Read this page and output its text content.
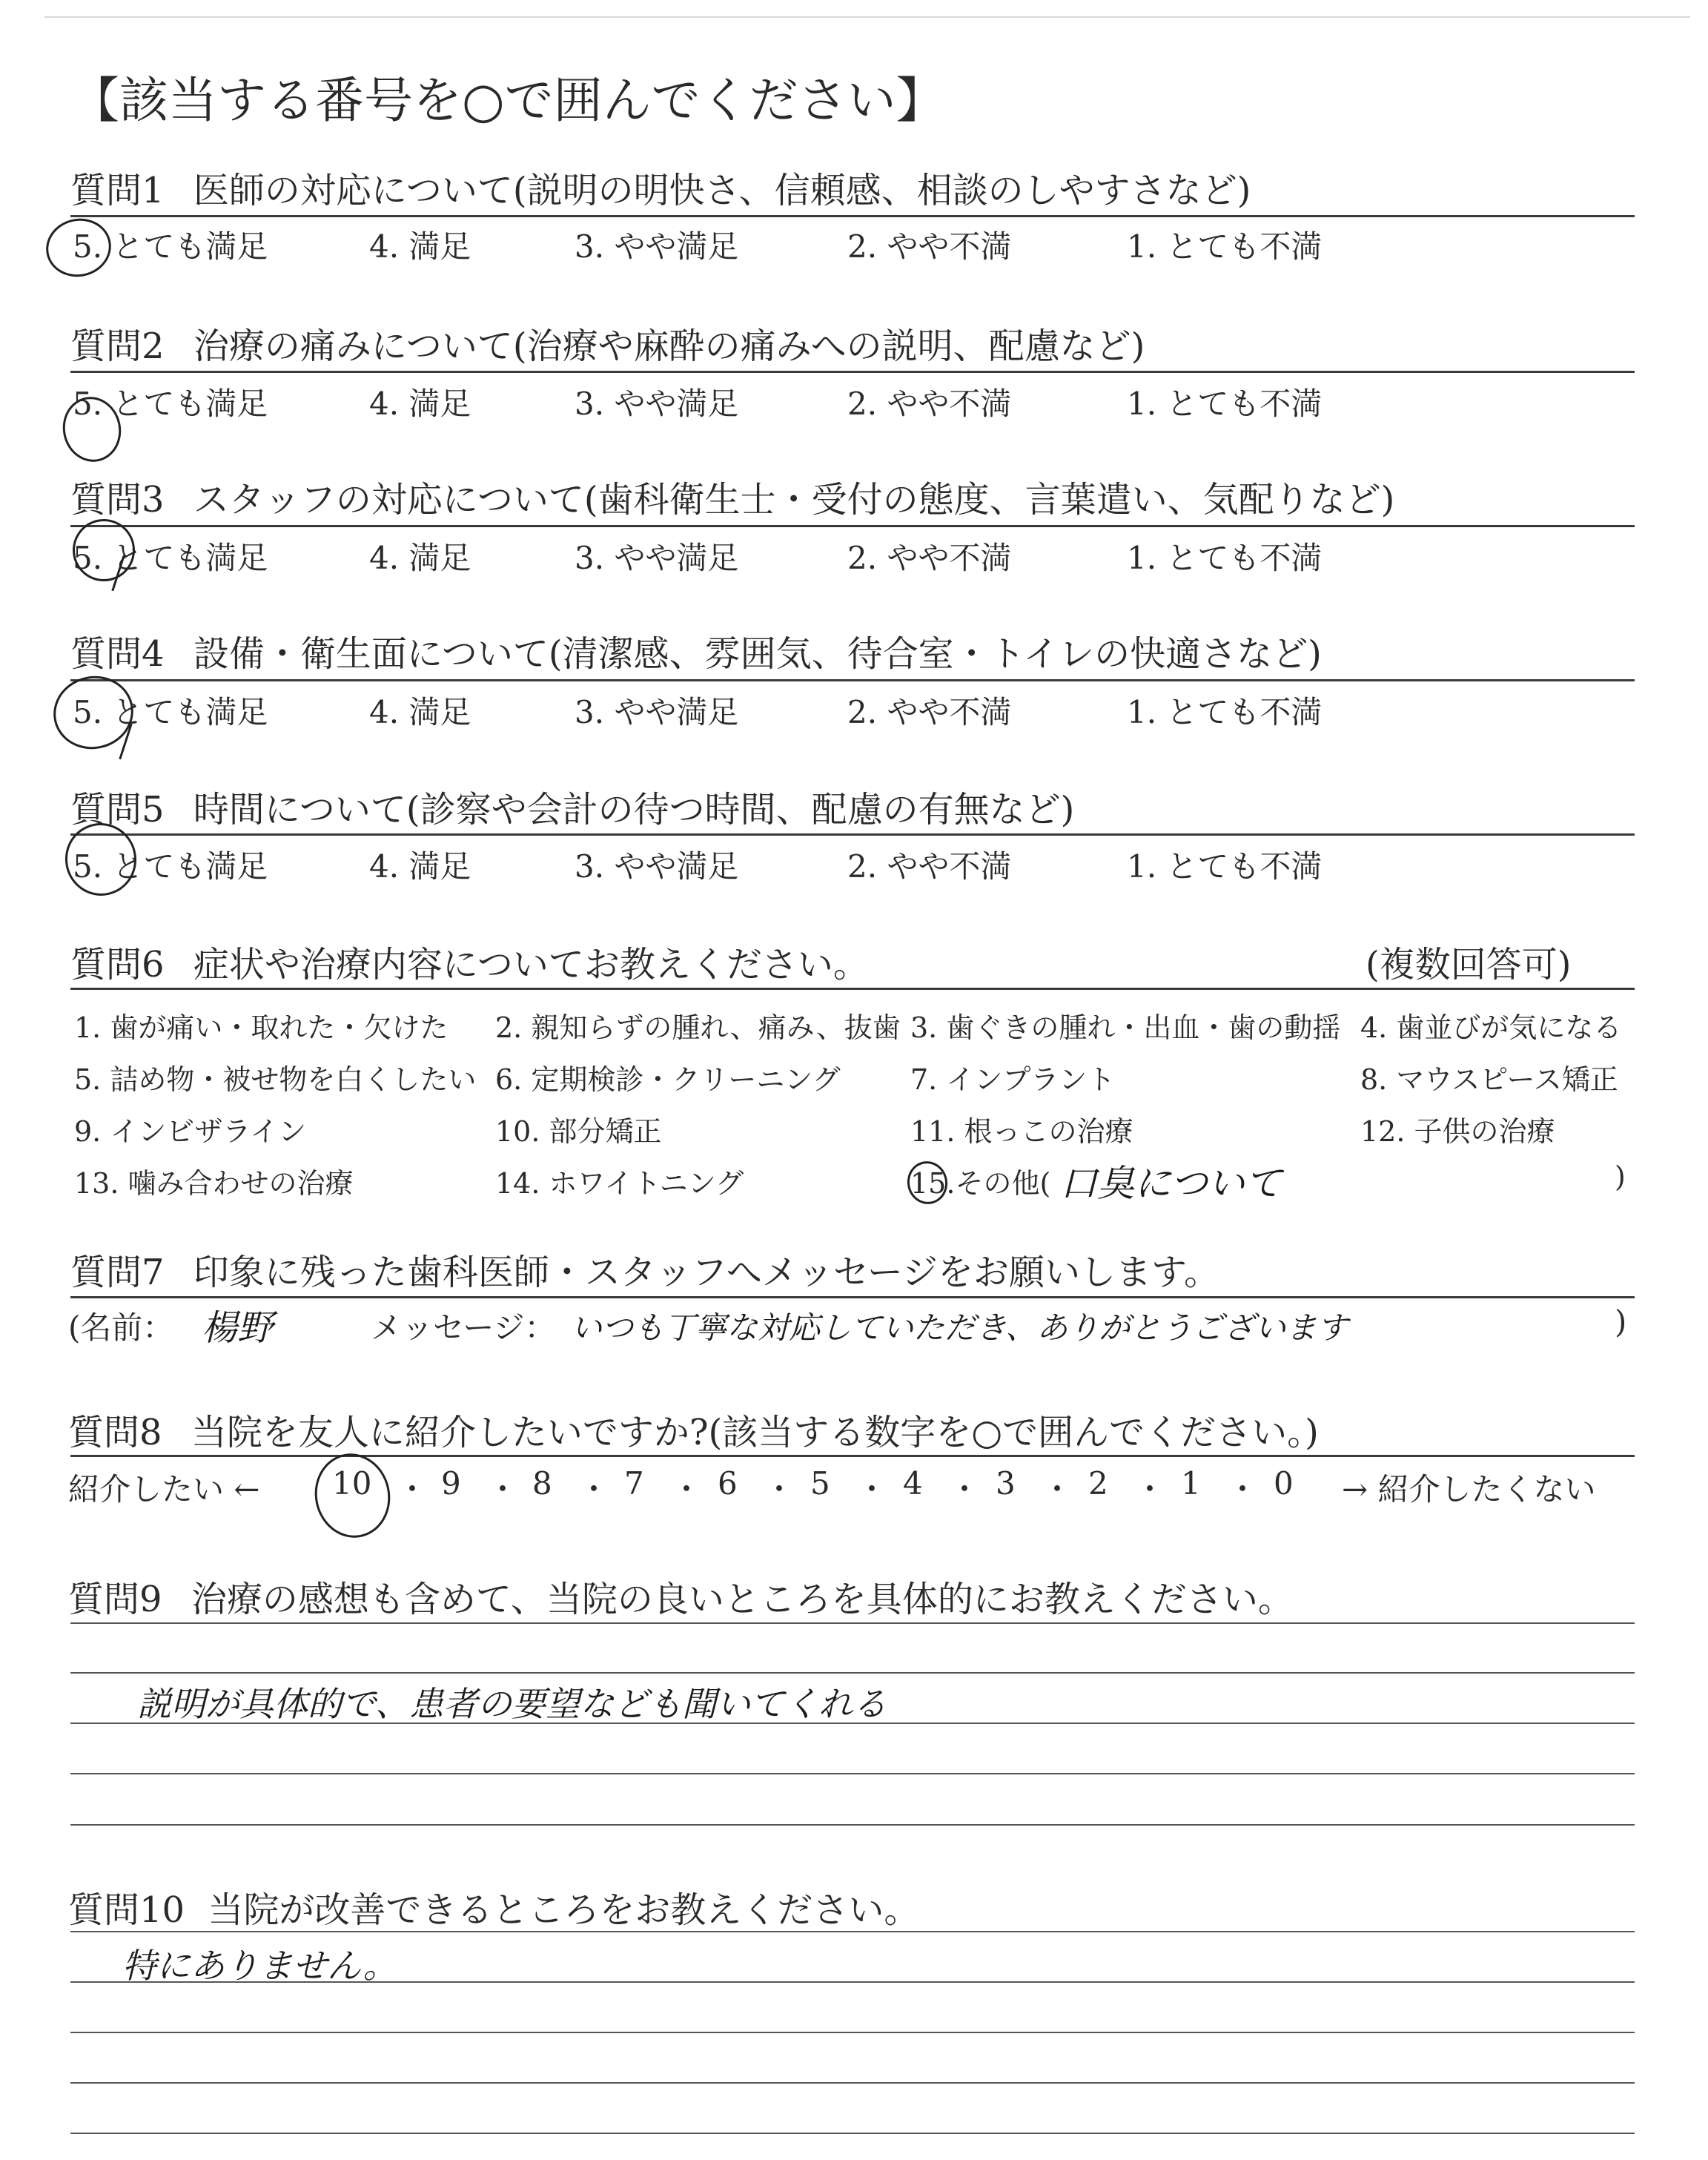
【該当する番号を○で囲んでください】
質問1 医師の対応について(説明の明快さ、信頼感、相談のしやすさなど)
5. とても満足	4. 満足	3. やや満足	2. やや不満	1. とても不満
質問2 治療の痛みについて(治療や麻酔の痛みへの説明、配慮など)
5. とても満足	4. 満足	3. やや満足	2. やや不満	1. とても不満
質問3 スタッフの対応について(歯科衛生士・受付の態度、言葉遣い、気配りなど)
5. とても満足	4. 満足	3. やや満足	2. やや不満	1. とても不満
質問4 設備・衛生面について(清潔感、雰囲気、待合室・トイレの快適さなど)
5. とても満足	4. 満足	3. やや満足	2. やや不満	1. とても不満
質問5 時間について(診察や会計の待つ時間、配慮の有無など)
5. とても満足	4. 満足	3. やや満足	2. やや不満	1. とても不満
質問6 症状や治療内容についてお教えください。	(複数回答可)
1. 歯が痛い・取れた・欠けた 2. 親知らずの腫れ、痛み、抜歯 3. 歯ぐきの腫れ・出血・歯の動揺 4. 歯並びが気になる
5. 詰め物・被せ物を白くしたい 6. 定期検診・クリーニング 7. インプラント	8. マウスピース矯正
9. インビザライン	10. 部分矯正	11. 根っこの治療	12. 子供の治療
13. 噛み合わせの治療	14. ホワイトニング	15.その他( 口臭について	)
質問7 印象に残った歯科医師・スタッフへメッセージをお願いします。
(名前： 楊野	メッセージ： いつも丁寧な対応していただき、ありがとうございます	)
質問8 当院を友人に紹介したいですか?(該当する数字を○で囲んでください。)
紹介したい ← 10 ・ 9 ・ 8 ・ 7 ・ 6 ・ 5 ・ 4 ・ 3 ・ 2 ・ 1 ・ 0 → 紹介したくない
質問9 治療の感想も含めて、当院の良いところを具体的にお教えください。
説明が具体的で、患者の要望なども聞いてくれる
質問10 当院が改善できるところをお教えください。
特にありません。
